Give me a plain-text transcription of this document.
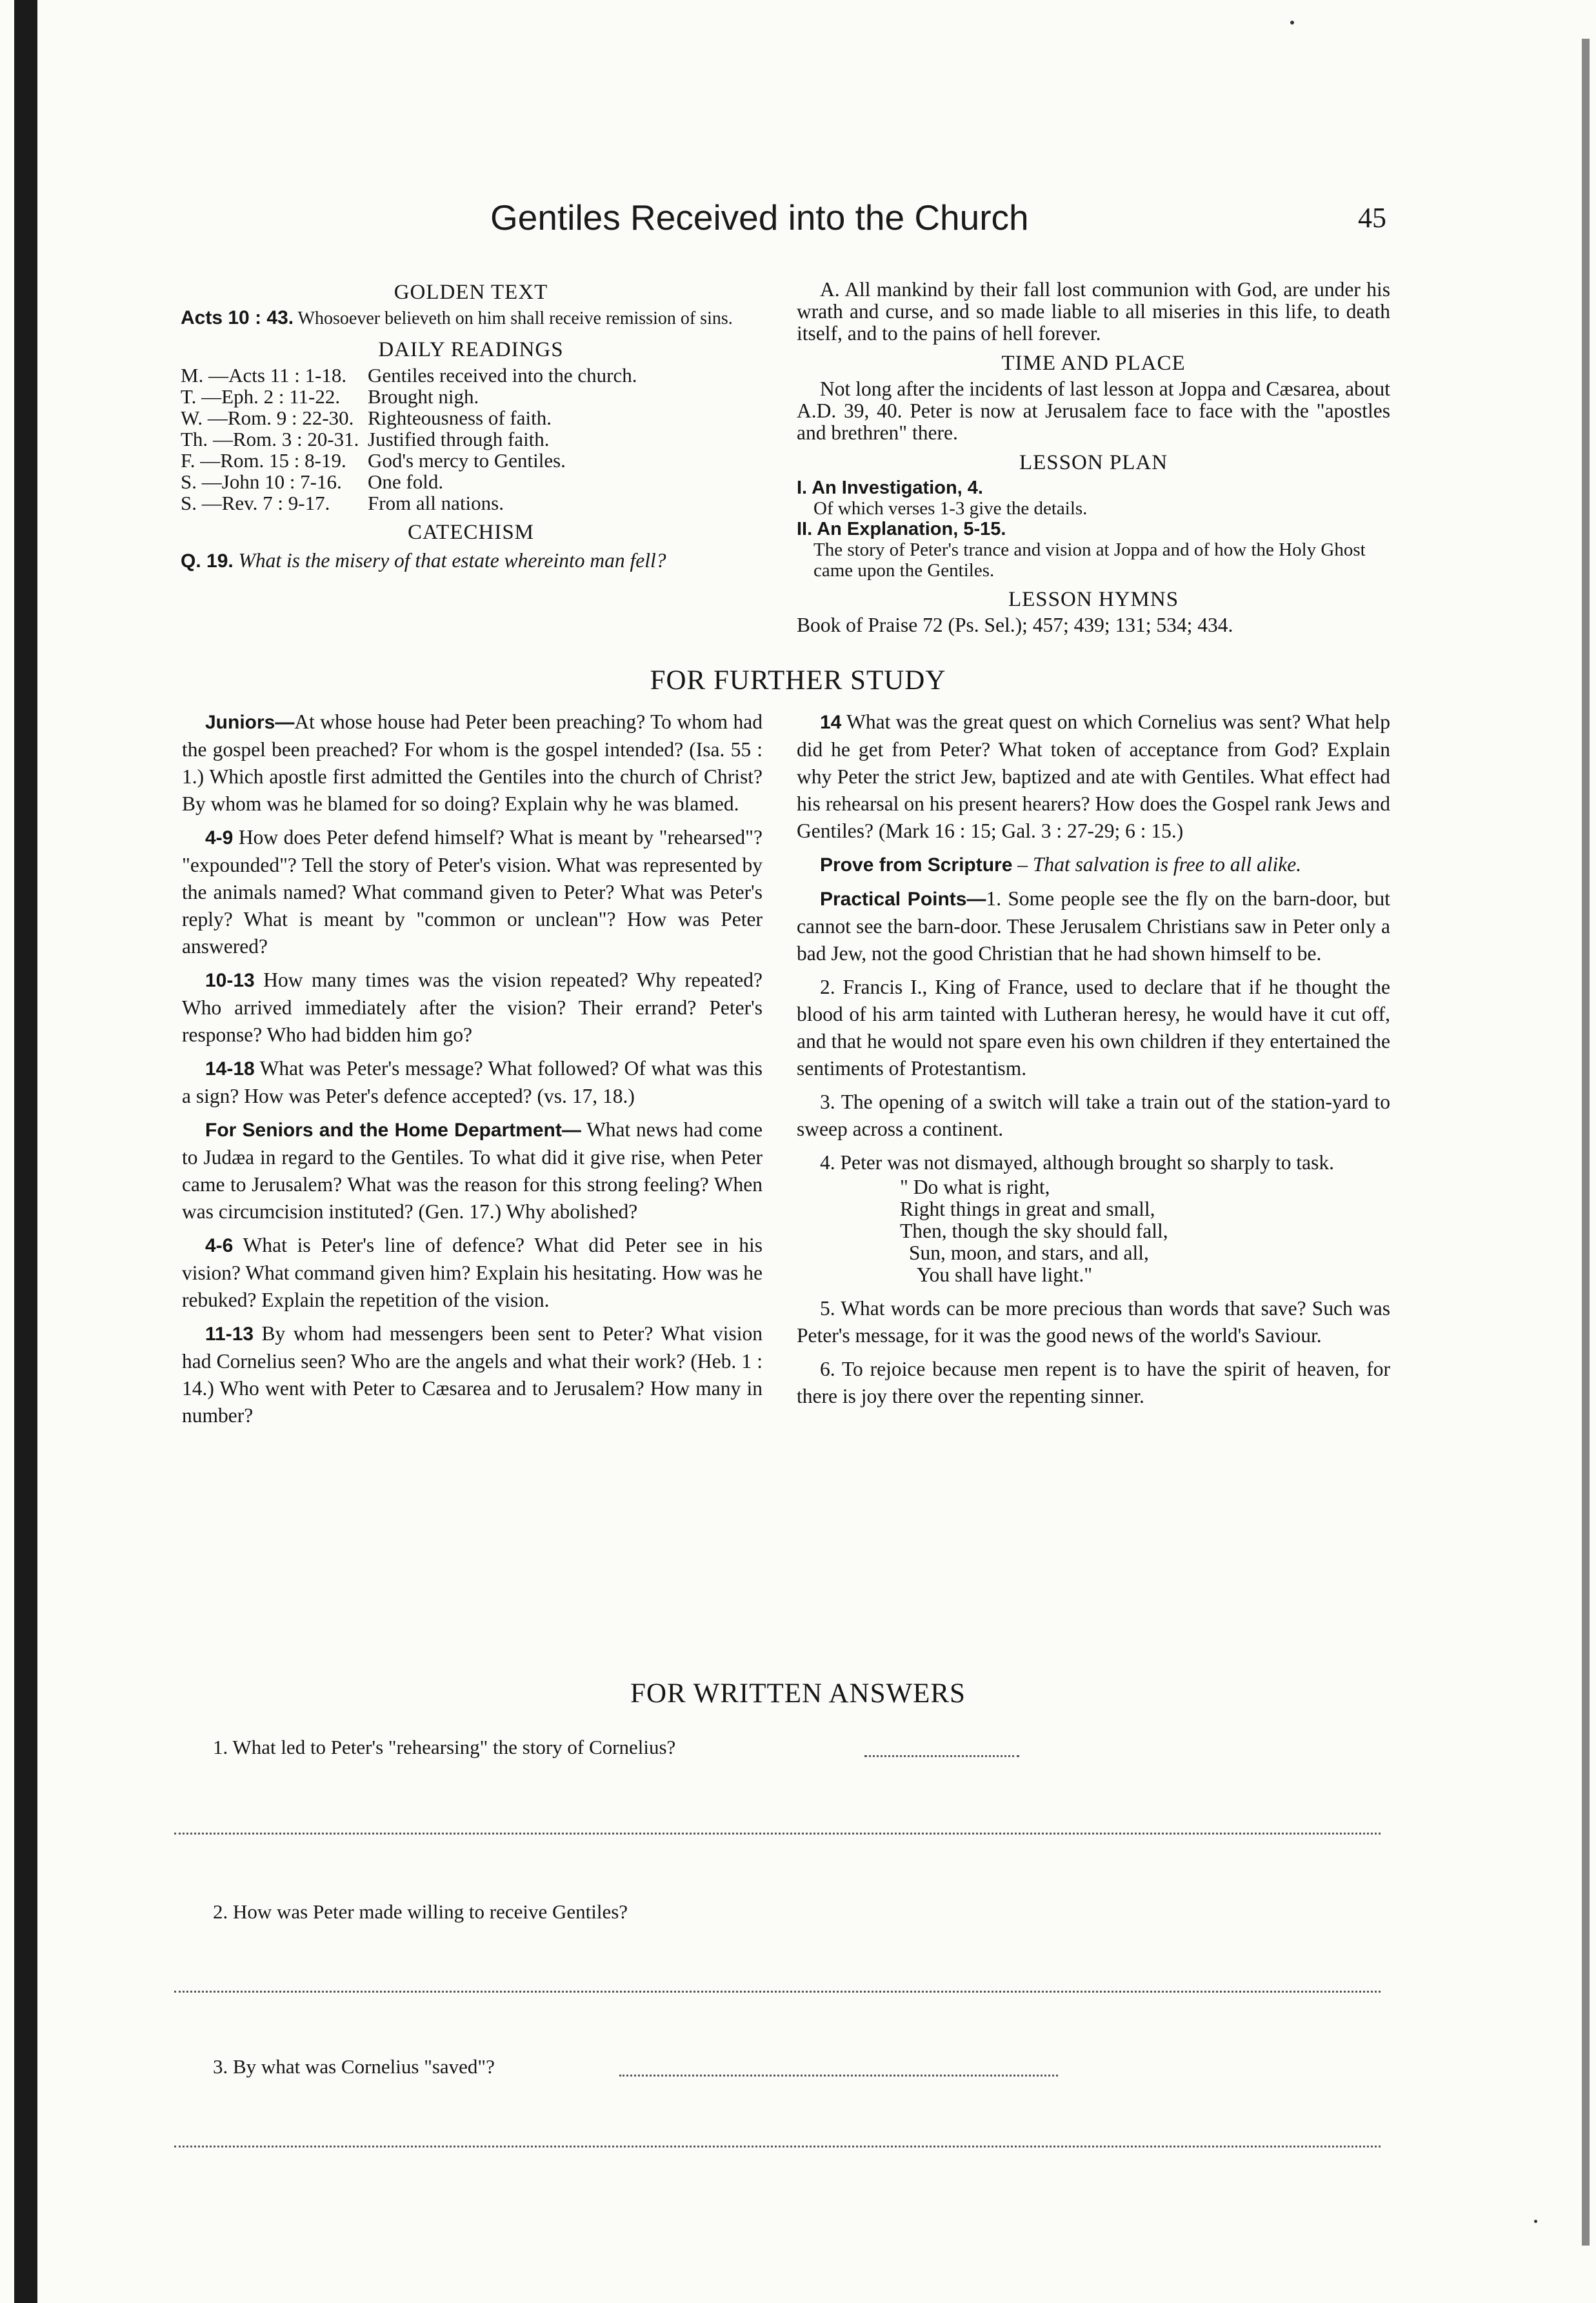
Gentiles Received into the Church	45
GOLDEN TEXT

Acts 10 : 43. Whosoever believeth on him shall receive remission of sins.

DAILY READINGS
M. —Acts 11 : 1-18.	Gentiles received into the church.
T. —Eph. 2 : 11-22.	Brought nigh.
W. —Rom. 9 : 22-30.	Righteousness of faith.
Th. —Rom. 3 : 20-31.	Justified through faith.
F. —Rom. 15 : 8-19.	God's mercy to Gentiles.
S. —John 10 : 7-16.	One fold.
S. —Rev. 7 : 9-17.	From all nations.
CATECHISM

Q. 19. What is the misery of that estate whereinto man fell?

A. All mankind by their fall lost communion with God, are under his wrath and curse, and so made liable to all miseries in this life, to death itself, and to the pains of hell forever.

TIME AND PLACE

Not long after the incidents of last lesson at Joppa and Cæsarea, about A.D. 39, 40. Peter is now at Jerusalem face to face with the "apostles and brethren" there.

LESSON PLAN
I. An Investigation, 4.
Of which verses 1-3 give the details.
II. An Explanation, 5-15.
The story of Peter's trance and vision at Joppa and of how the Holy Ghost came upon the Gentiles.
LESSON HYMNS

Book of Praise 72 (Ps. Sel.); 457; 439; 131; 534; 434.

FOR FURTHER STUDY

Juniors—At whose house had Peter been preaching? To whom had the gospel been preached? For whom is the gospel intended? (Isa. 55 : 1.) Which apostle first admitted the Gentiles into the church of Christ? By whom was he blamed for so doing? Explain why he was blamed.

4-9 How does Peter defend himself? What is meant by "rehearsed"? "expounded"? Tell the story of Peter's vision. What was represented by the animals named? What command given to Peter? What was Peter's reply? What is meant by "common or unclean"? How was Peter answered?

10-13 How many times was the vision repeated? Why repeated? Who arrived immediately after the vision? Their errand? Peter's response? Who had bidden him go?

14-18 What was Peter's message? What followed? Of what was this a sign? How was Peter's defence accepted? (vs. 17, 18.)

For Seniors and the Home Department— What news had come to Judæa in regard to the Gentiles. To what did it give rise, when Peter came to Jerusalem? What was the reason for this strong feeling? When was circumcision instituted? (Gen. 17.) Why abolished?

4-6 What is Peter's line of defence? What did Peter see in his vision? What command given him? Explain his hesitating. How was he rebuked? Explain the repetition of the vision.

11-13 By whom had messengers been sent to Peter? What vision had Cornelius seen? Who are the angels and what their work? (Heb. 1 : 14.) Who went with Peter to Cæsarea and to Jerusalem? How many in number?

14 What was the great quest on which Cornelius was sent? What help did he get from Peter? What token of acceptance from God? Explain why Peter the strict Jew, baptized and ate with Gentiles. What effect had his rehearsal on his present hearers? How does the Gospel rank Jews and Gentiles? (Mark 16 : 15; Gal. 3 : 27-29; 6 : 15.)

Prove from Scripture – That salvation is free to all alike.

Practical Points—1. Some people see the fly on the barn-door, but cannot see the barn-door. These Jerusalem Christians saw in Peter only a bad Jew, not the good Christian that he had shown himself to be.

2. Francis I., King of France, used to declare that if he thought the blood of his arm tainted with Lutheran heresy, he would have it cut off, and that he would not spare even his own children if they entertained the sentiments of Protestantism.

3. The opening of a switch will take a train out of the station-yard to sweep across a continent.

4. Peter was not dismayed, although brought so sharply to task.

" Do what is right,
Right things in great and small,
Then, though the sky should fall,
Sun, moon, and stars, and all,
You shall have light."

5. What words can be more precious than words that save? Such was Peter's message, for it was the good news of the world's Saviour.

6. To rejoice because men repent is to have the spirit of heaven, for there is joy there over the repenting sinner.

FOR WRITTEN ANSWERS
1. What led to Peter's "rehearsing" the story of Cornelius?
2. How was Peter made willing to receive Gentiles?
3. By what was Cornelius "saved"?
